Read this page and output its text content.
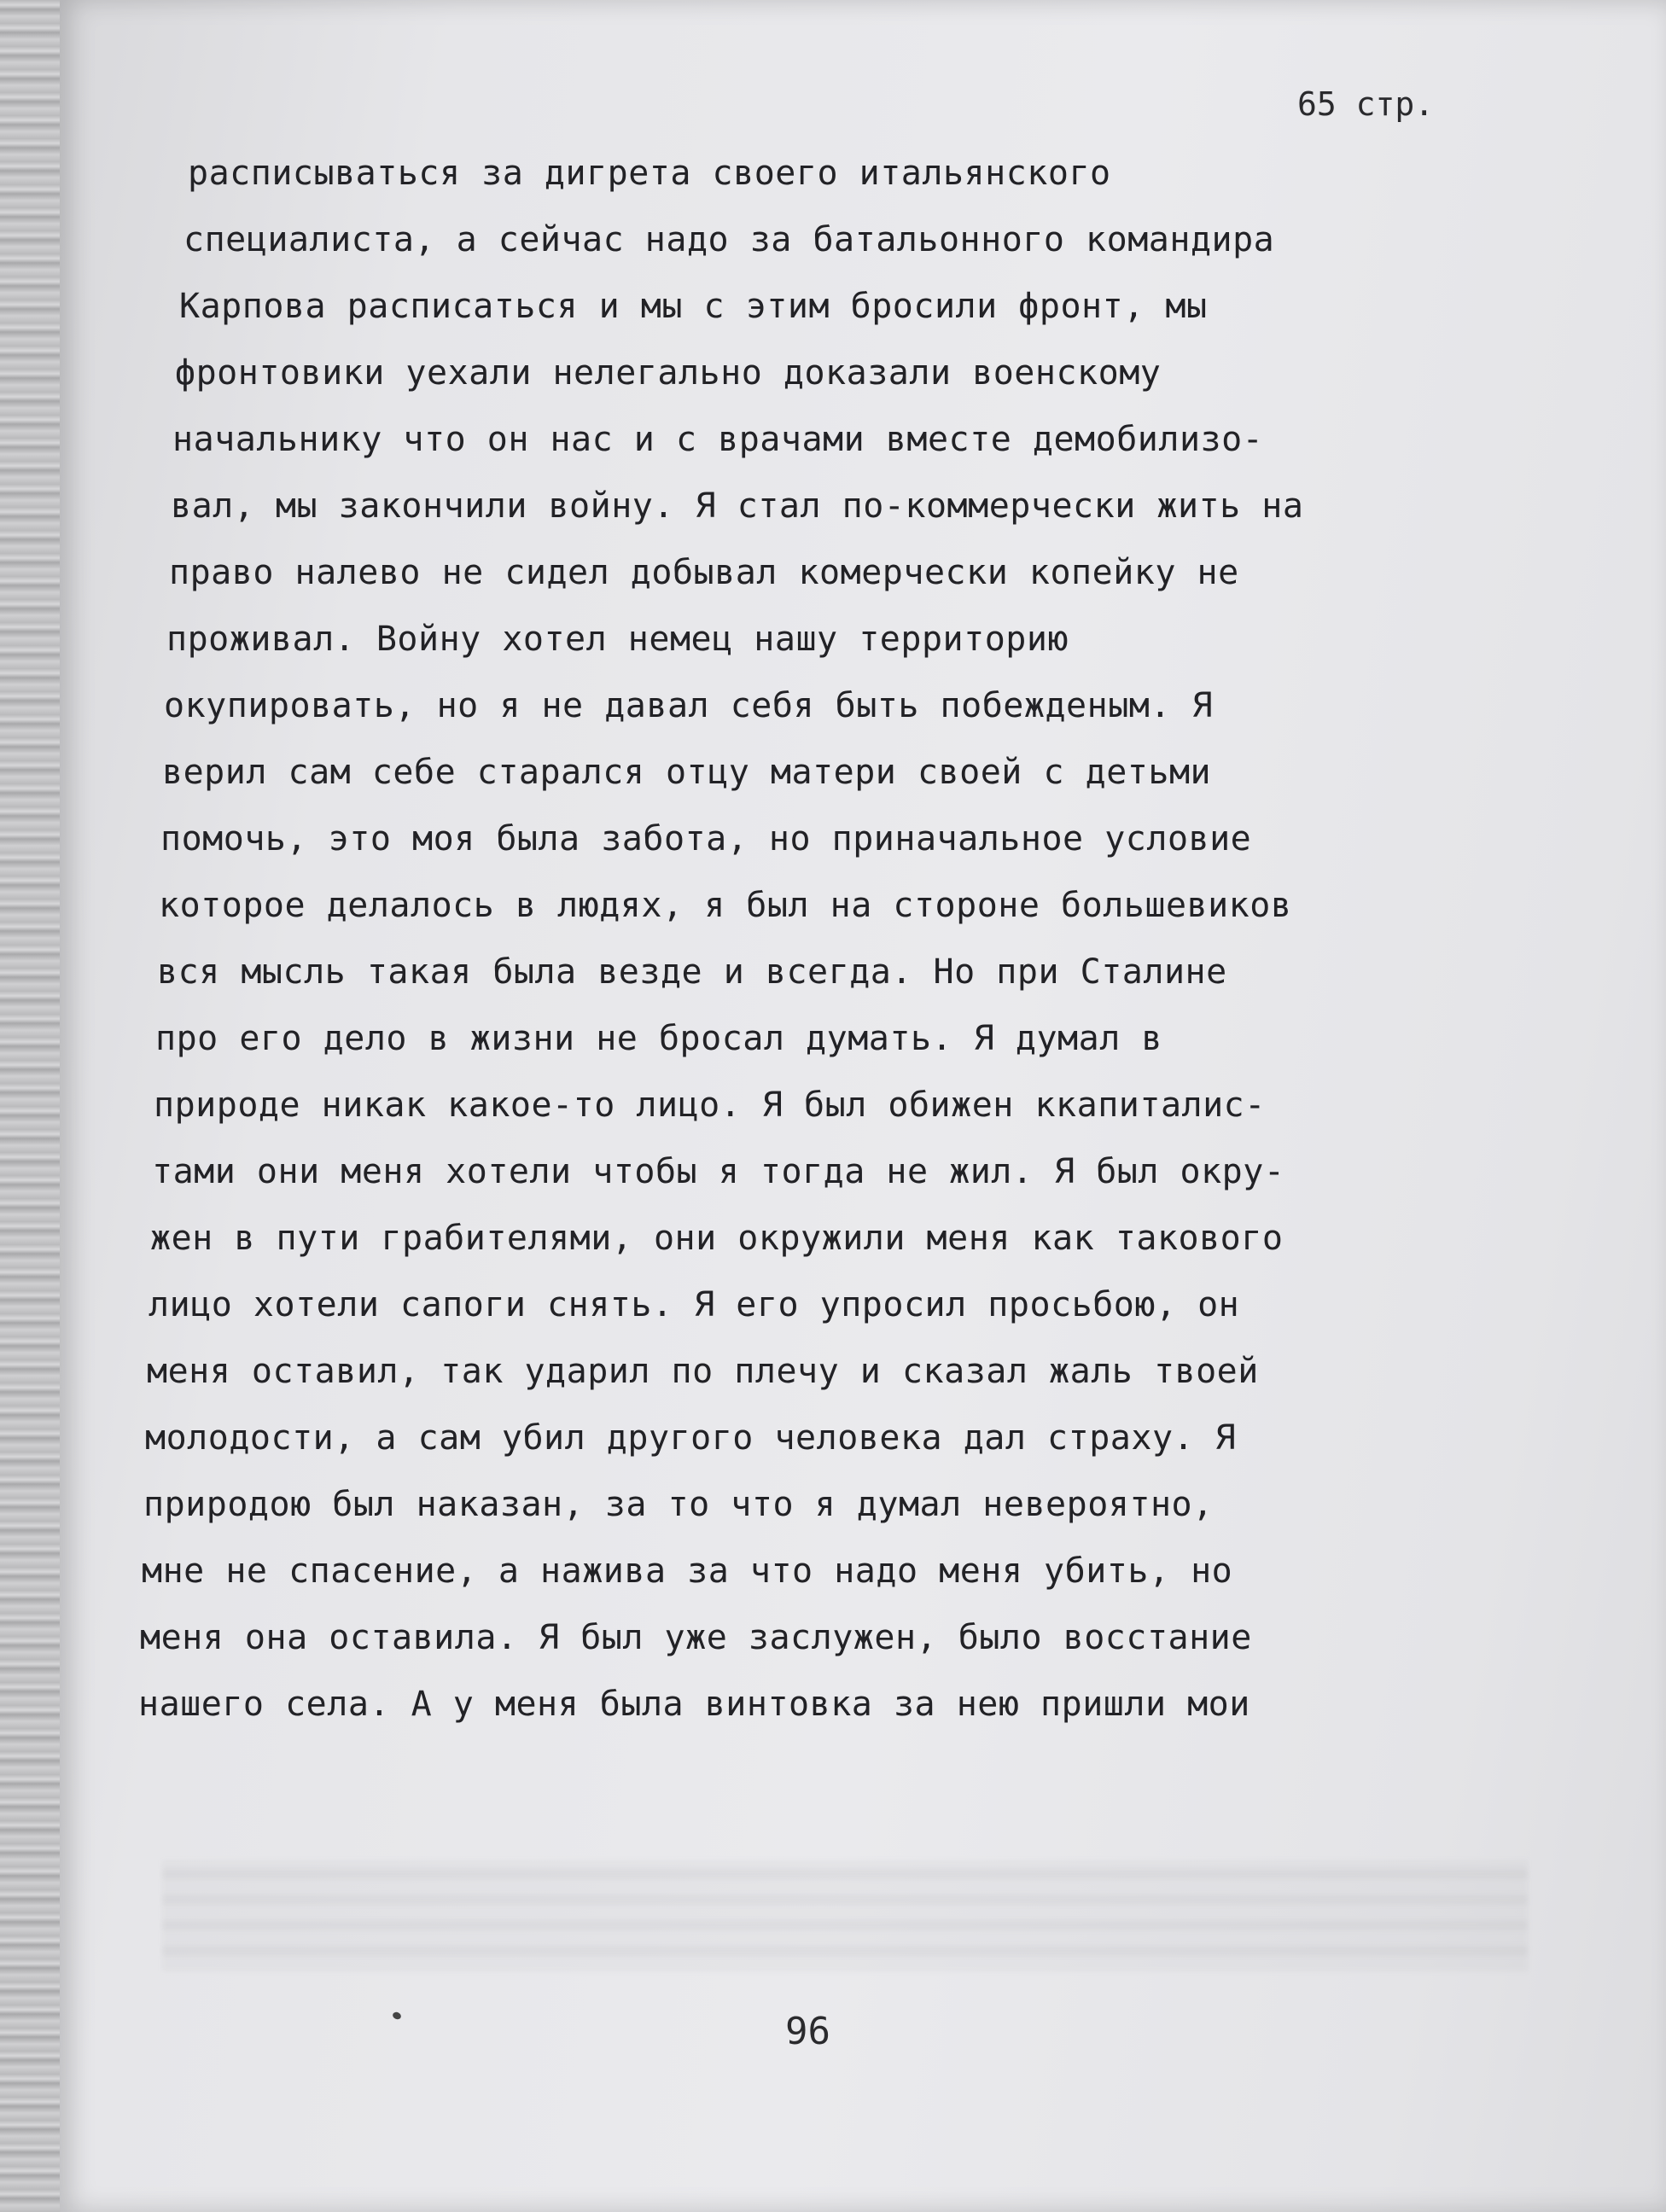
65 стр.
расписываться за дигрета своего итальянского
специалиста, а сейчас надо за батальонного командира
Карпова расписаться и мы с этим бросили фронт, мы
фронтовики уехали нелегально доказали военскому
начальнику что он нас и с врачами вместе демобилизо-
вал, мы закончили войну. Я стал по-коммерчески жить на
право налево не сидел добывал комерчески копейку не
проживал. Войну хотел немец нашу территорию
окупировать, но я не давал себя быть побежденым. Я
верил сам себе старался отцу матери своей с детьми
помочь, это моя была забота, но приначальное условие
которое делалось в людях, я был на стороне большевиков
вся мысль такая была везде и всегда. Но при Сталине
про его дело в жизни не бросал думать. Я думал в
природе никак какое-то лицо. Я был обижен ккапиталис-
тами они меня хотели чтобы я тогда не жил. Я был окру-
жен в пути грабителями, они окружили меня как такового
лицо хотели сапоги снять. Я его упросил просьбою, он
меня оставил, так ударил по плечу и сказал жаль твоей
молодости, а сам убил другого человека дал страху. Я
природою был наказан, за то что я думал невероятно,
мне не спасение, а нажива за что надо меня убить, но
меня она оставила. Я был уже заслужен, было восстание
нашего села. А у меня была винтовка за нею пришли мои
96
